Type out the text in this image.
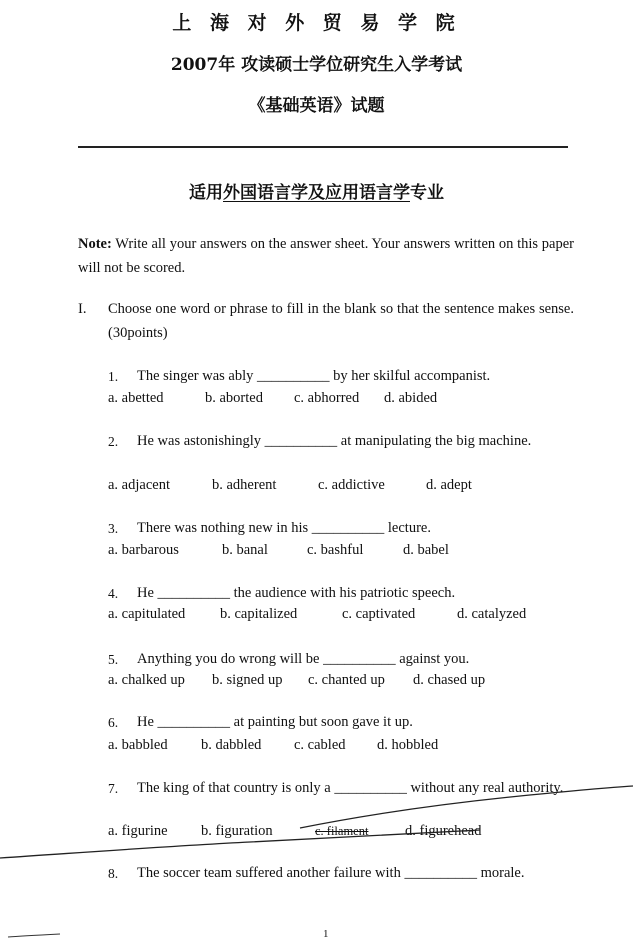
上 海 对 外 贸 易 学 院
2007年 攻读硕士学位研究生入学考试
《基础英语》试题
适用外国语言学及应用语言学专业
Note: Write all your answers on the answer sheet. Your answers written on this paper will not be scored.
I. Choose one word or phrase to fill in the blank so that the sentence makes sense. (30points)
1. The singer was ably __________ by her skilful accompanist.
a. abetted	b. aborted c. abhorred d. abided
2. He was astonishingly __________ at manipulating the big machine.
a. adjacent	b. adherent	c. addictive	d. adept
3. There was nothing new in his __________ lecture.
a. barbarous	b. banal	c. bashful	d. babel
4. He __________ the audience with his patriotic speech.
a. capitulated b. capitalized	c. captivated	d. catalyzed
5. Anything you do wrong will be __________ against you.
a. chalked up b. signed up c. chanted up d. chased up
6. He __________ at painting but soon gave it up.
a. babbled b. dabbled c. cabled d. hobbled
7. The king of that country is only a __________ without any real authority.
a. figurine b. figuration	c. filament	d. figurehead
8. The soccer team suffered another failure with __________ morale.
1
